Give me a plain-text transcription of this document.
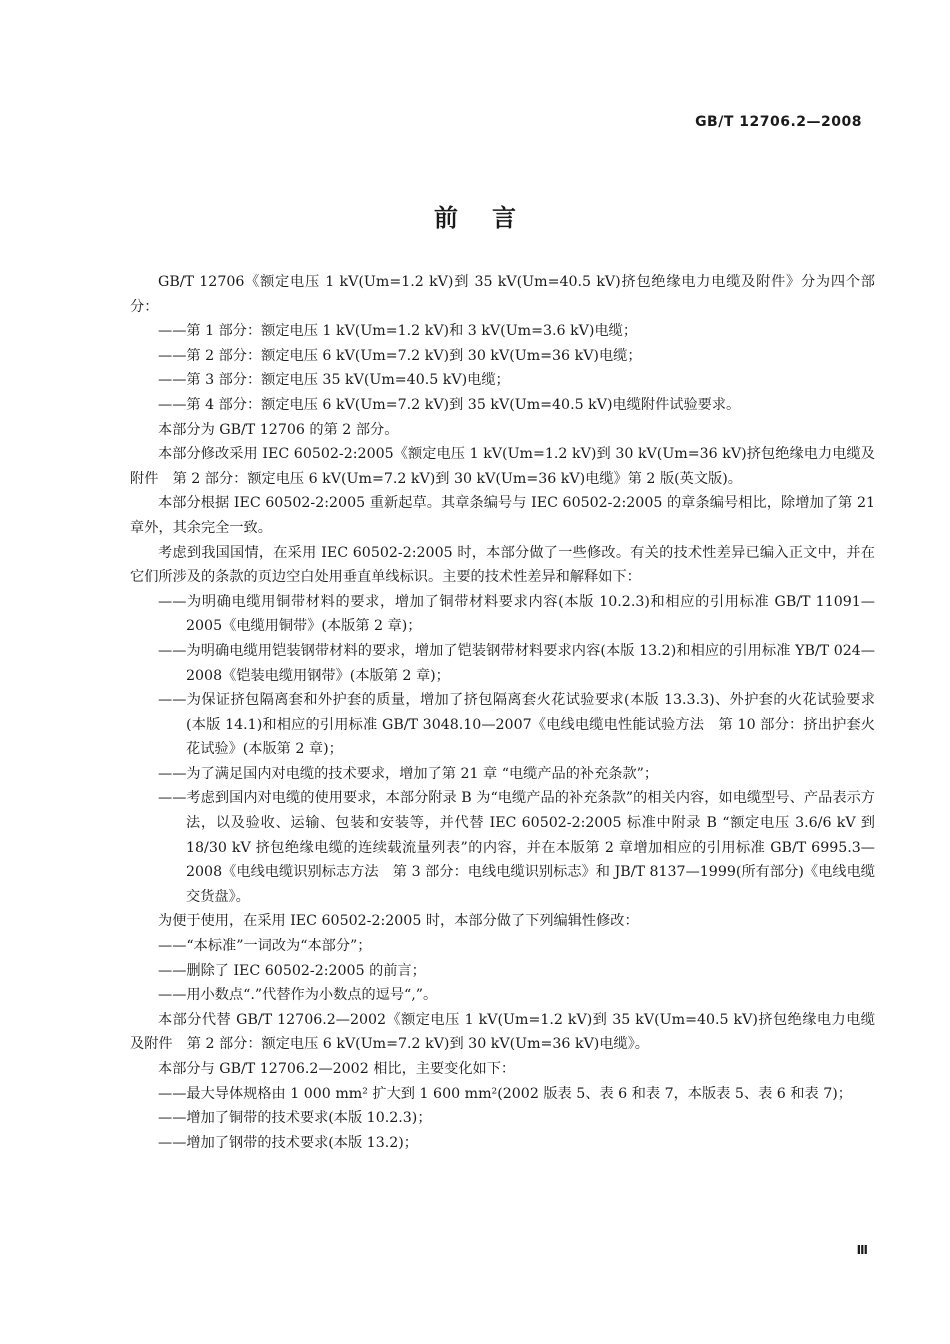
GB/T 12706.2—2008
前言

GB/T 12706《额定电压 1 kV(Um=1.2 kV)到 35 kV(Um=40.5 kV)挤包绝缘电力电缆及附件》分为四个部分：

——第 1 部分：额定电压 1 kV(Um=1.2 kV)和 3 kV(Um=3.6 kV)电缆；

——第 2 部分：额定电压 6 kV(Um=7.2 kV)到 30 kV(Um=36 kV)电缆；

——第 3 部分：额定电压 35 kV(Um=40.5 kV)电缆；

——第 4 部分：额定电压 6 kV(Um=7.2 kV)到 35 kV(Um=40.5 kV)电缆附件试验要求。

本部分为 GB/T 12706 的第 2 部分。

本部分修改采用 IEC 60502-2:2005《额定电压 1 kV(Um=1.2 kV)到 30 kV(Um=36 kV)挤包绝缘电力电缆及附件　第 2 部分：额定电压 6 kV(Um=7.2 kV)到 30 kV(Um=36 kV)电缆》第 2 版(英文版)。

本部分根据 IEC 60502-2:2005 重新起草。其章条编号与 IEC 60502-2:2005 的章条编号相比，除增加了第 21 章外，其余完全一致。

考虑到我国国情，在采用 IEC 60502-2:2005 时，本部分做了一些修改。有关的技术性差异已编入正文中，并在它们所涉及的条款的页边空白处用垂直单线标识。主要的技术性差异和解释如下：

——为明确电缆用铜带材料的要求，增加了铜带材料要求内容(本版 10.2.3)和相应的引用标准 GB/T 11091—2005《电缆用铜带》(本版第 2 章)；

——为明确电缆用铠装钢带材料的要求，增加了铠装钢带材料要求内容(本版 13.2)和相应的引用标准 YB/T 024—2008《铠装电缆用钢带》(本版第 2 章)；

——为保证挤包隔离套和外护套的质量，增加了挤包隔离套火花试验要求(本版 13.3.3)、外护套的火花试验要求(本版 14.1)和相应的引用标准 GB/T 3048.10—2007《电线电缆电性能试验方法　第 10 部分：挤出护套火花试验》(本版第 2 章)；

——为了满足国内对电缆的技术要求，增加了第 21 章 “电缆产品的补充条款”；

——考虑到国内对电缆的使用要求，本部分附录 B 为“电缆产品的补充条款”的相关内容，如电缆型号、产品表示方法，以及验收、运输、包装和安装等，并代替 IEC 60502-2:2005 标准中附录 B “额定电压 3.6/6 kV 到 18/30 kV 挤包绝缘电缆的连续载流量列表”的内容，并在本版第 2 章增加相应的引用标准 GB/T 6995.3—2008《电线电缆识别标志方法　第 3 部分：电线电缆识别标志》和 JB/T 8137—1999(所有部分)《电线电缆交货盘》。

为便于使用，在采用 IEC 60502-2:2005 时，本部分做了下列编辑性修改：

——“本标准”一词改为“本部分”；

——删除了 IEC 60502-2:2005 的前言；

——用小数点“.”代替作为小数点的逗号“,”。

本部分代替 GB/T 12706.2—2002《额定电压 1 kV(Um=1.2 kV)到 35 kV(Um=40.5 kV)挤包绝缘电力电缆及附件　第 2 部分：额定电压 6 kV(Um=7.2 kV)到 30 kV(Um=36 kV)电缆》。

本部分与 GB/T 12706.2—2002 相比，主要变化如下：

——最大导体规格由 1 000 mm² 扩大到 1 600 mm²(2002 版表 5、表 6 和表 7，本版表 5、表 6 和表 7)；

——增加了铜带的技术要求(本版 10.2.3)；

——增加了钢带的技术要求(本版 13.2)；

Ⅲ
